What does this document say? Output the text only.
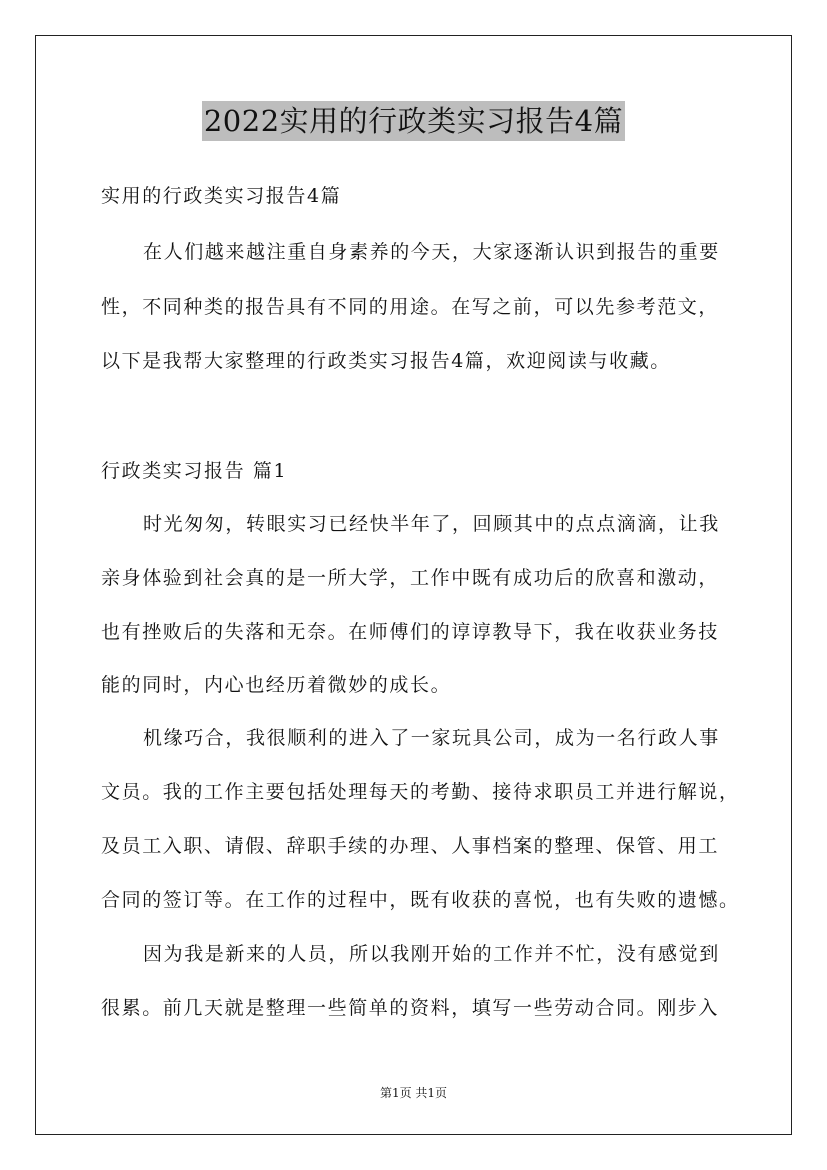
2022实用的行政类实习报告4篇
实用的行政类实习报告4篇
在人们越来越注重自身素养的今天，大家逐渐认识到报告的重要
性，不同种类的报告具有不同的用途。在写之前，可以先参考范文，
以下是我帮大家整理的行政类实习报告4篇，欢迎阅读与收藏。
行政类实习报告 篇1
时光匆匆，转眼实习已经快半年了，回顾其中的点点滴滴，让我
亲身体验到社会真的是一所大学，工作中既有成功后的欣喜和激动，
也有挫败后的失落和无奈。在师傅们的谆谆教导下，我在收获业务技
能的同时，内心也经历着微妙的成长。
机缘巧合，我很顺利的进入了一家玩具公司，成为一名行政人事
文员。我的工作主要包括处理每天的考勤、接待求职员工并进行解说，
及员工入职、请假、辞职手续的办理、人事档案的整理、保管、用工
合同的签订等。在工作的过程中，既有收获的喜悦，也有失败的遗憾。
因为我是新来的人员，所以我刚开始的工作并不忙，没有感觉到
很累。前几天就是整理一些简单的资料，填写一些劳动合同。刚步入
第1页 共1页
